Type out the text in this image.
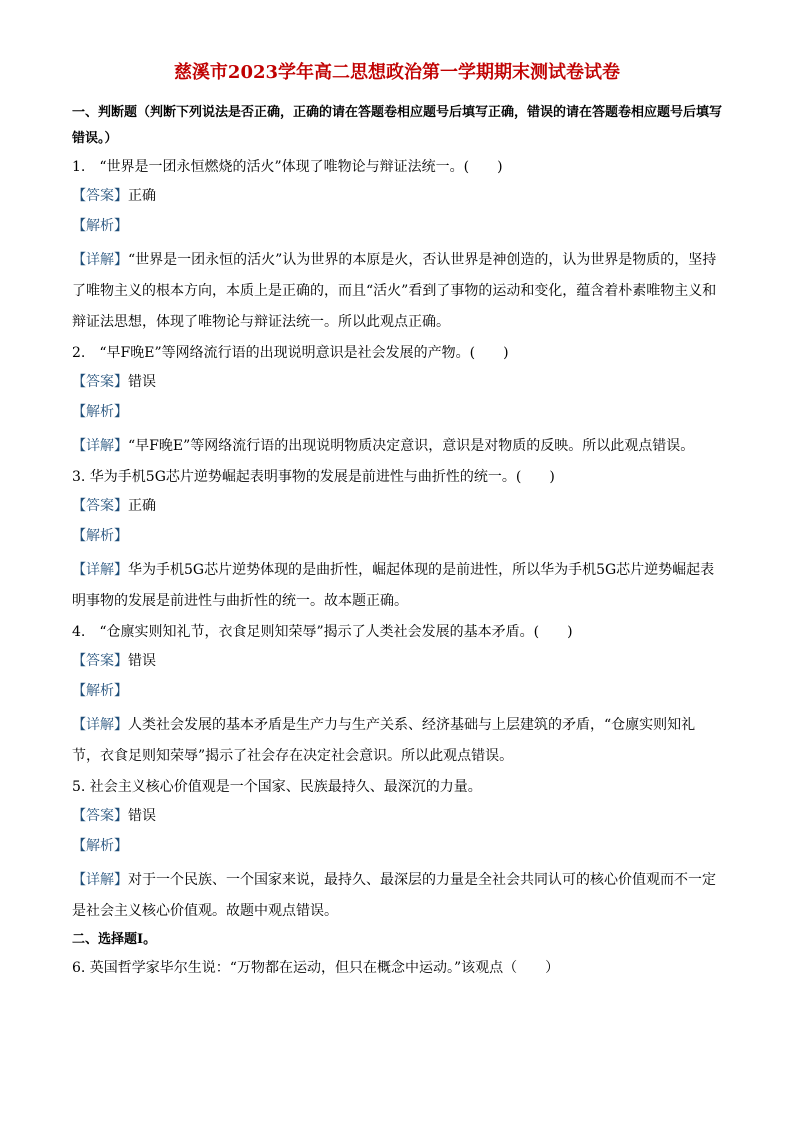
慈溪市2023学年高二思想政治第一学期期末测试卷试卷

一、判断题（判断下列说法是否正确，正确的请在答题卷相应题号后填写正确，错误的请在答题卷相应题号后填写错误。）

1.　“世界是一团永恒燃烧的活火”体现了唯物论与辩证法统一。(　　)

【答案】正确

【解析】

【详解】“世界是一团永恒的活火”认为世界的本原是火，否认世界是神创造的，认为世界是物质的，坚持了唯物主义的根本方向，本质上是正确的，而且“活火”看到了事物的运动和变化，蕴含着朴素唯物主义和辩证法思想，体现了唯物论与辩证法统一。所以此观点正确。

2.　“早F晚E”等网络流行语的出现说明意识是社会发展的产物。(　　)

【答案】错误

【解析】

【详解】“早F晚E”等网络流行语的出现说明物质决定意识，意识是对物质的反映。所以此观点错误。

3. 华为手机5G芯片逆势崛起表明事物的发展是前进性与曲折性的统一。(　　)

【答案】正确

【解析】

【详解】华为手机5G芯片逆势体现的是曲折性，崛起体现的是前进性，所以华为手机5G芯片逆势崛起表明事物的发展是前进性与曲折性的统一。故本题正确。

4.　“仓廪实则知礼节，衣食足则知荣辱”揭示了人类社会发展的基本矛盾。(　　)

【答案】错误

【解析】

【详解】人类社会发展的基本矛盾是生产力与生产关系、经济基础与上层建筑的矛盾，“仓廪实则知礼节，衣食足则知荣辱”揭示了社会存在决定社会意识。所以此观点错误。

5. 社会主义核心价值观是一个国家、民族最持久、最深沉的力量。

【答案】错误

【解析】

【详解】对于一个民族、一个国家来说，最持久、最深层的力量是全社会共同认可的核心价值观而不一定是社会主义核心价值观。故题中观点错误。

二、选择题I。

6. 英国哲学家毕尔生说：“万物都在运动，但只在概念中运动。”该观点（　　）
